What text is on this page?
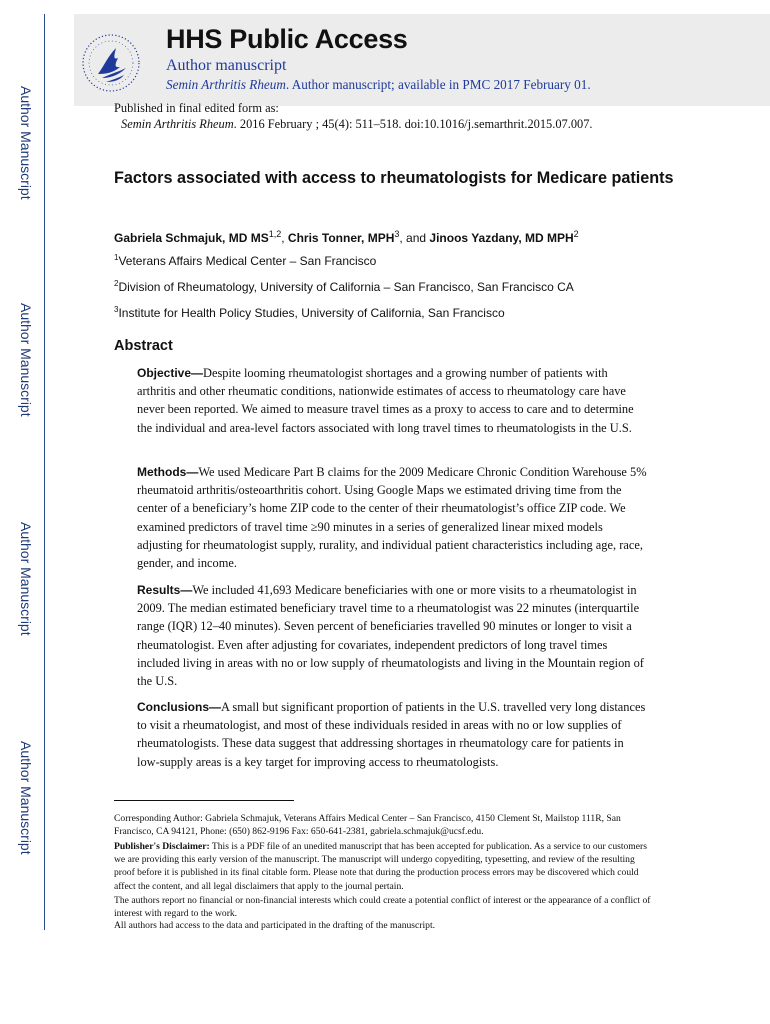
Author Manuscript
Author Manuscript
Author Manuscript
Author Manuscript
HHS Public Access
Author manuscript
Semin Arthritis Rheum. Author manuscript; available in PMC 2017 February 01.
Published in final edited form as:
Semin Arthritis Rheum. 2016 February ; 45(4): 511–518. doi:10.1016/j.semarthrit.2015.07.007.
Factors associated with access to rheumatologists for Medicare patients
Gabriela Schmajuk, MD MS$^{1,2}$, Chris Tonner, MPH$^3$, and Jinoos Yazdany, MD MPH$^2$
$^1$Veterans Affairs Medical Center – San Francisco
$^2$Division of Rheumatology, University of California – San Francisco, San Francisco CA
$^3$Institute for Health Policy Studies, University of California, San Francisco
Abstract
Objective—Despite looming rheumatologist shortages and a growing number of patients with arthritis and other rheumatic conditions, nationwide estimates of access to rheumatology care have never been reported. We aimed to measure travel times as a proxy to access to care and to determine the individual and area-level factors associated with long travel times to rheumatologists in the U.S.
Methods—We used Medicare Part B claims for the 2009 Medicare Chronic Condition Warehouse 5% rheumatoid arthritis/osteoarthritis cohort. Using Google Maps we estimated driving time from the center of a beneficiary’s home ZIP code to the center of their rheumatologist’s office ZIP code. We examined predictors of travel time ≥90 minutes in a series of generalized linear mixed models adjusting for rheumatologist supply, rurality, and individual patient characteristics including age, race, gender, and income.
Results—We included 41,693 Medicare beneficiaries with one or more visits to a rheumatologist in 2009. The median estimated beneficiary travel time to a rheumatologist was 22 minutes (interquartile range (IQR) 12–40 minutes). Seven percent of beneficiaries travelled 90 minutes or longer to visit a rheumatologist. Even after adjusting for covariates, independent predictors of long travel times included living in areas with no or low supply of rheumatologists and living in the Mountain region of the U.S.
Conclusions—A small but significant proportion of patients in the U.S. travelled very long distances to visit a rheumatologist, and most of these individuals resided in areas with no or low supplies of rheumatologists. These data suggest that addressing shortages in rheumatology care for patients in low-supply areas is a key target for improving access to rheumatologists.
Corresponding Author: Gabriela Schmajuk, Veterans Affairs Medical Center – San Francisco, 4150 Clement St, Mailstop 111R, San Francisco, CA 94121, Phone: (650) 862-9196 Fax: 650-641-2381, gabriela.schmajuk@ucsf.edu.
Publisher's Disclaimer: This is a PDF file of an unedited manuscript that has been accepted for publication. As a service to our customers we are providing this early version of the manuscript. The manuscript will undergo copyediting, typesetting, and review of the resulting proof before it is published in its final citable form. Please note that during the production process errors may be discovered which could affect the content, and all legal disclaimers that apply to the journal pertain.
The authors report no financial or non-financial interests which could create a potential conflict of interest or the appearance of a conflict of interest with regard to the work.
All authors had access to the data and participated in the drafting of the manuscript.
